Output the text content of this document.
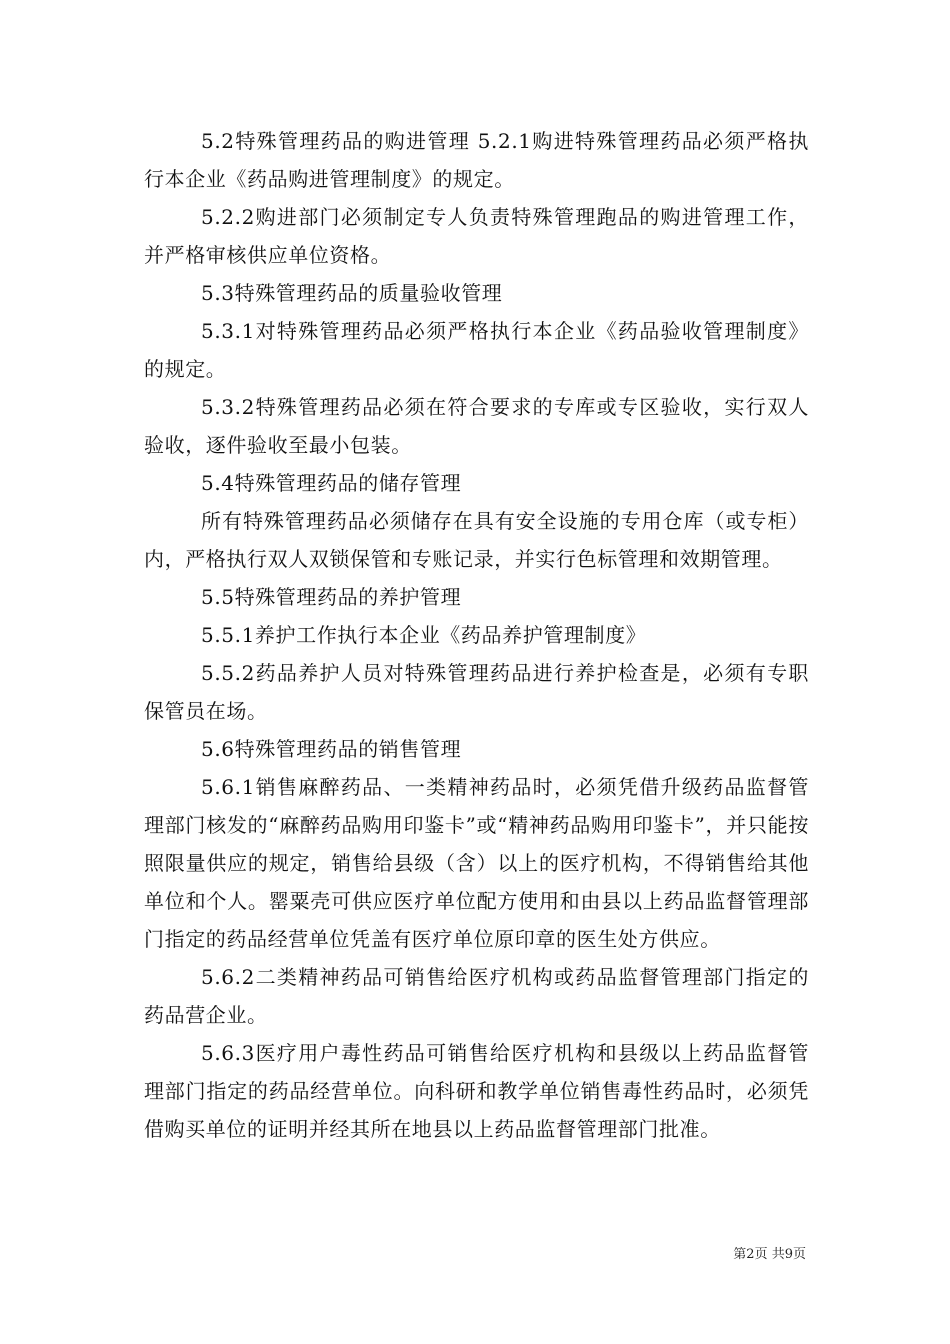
5.2特殊管理药品的购进管理 5.2.1购进特殊管理药品必须严格执行本企业《药品购进管理制度》的规定。

5.2.2购进部门必须制定专人负责特殊管理跑品的购进管理工作，并严格审核供应单位资格。

5.3特殊管理药品的质量验收管理

5.3.1对特殊管理药品必须严格执行本企业《药品验收管理制度》的规定。

5.3.2特殊管理药品必须在符合要求的专库或专区验收，实行双人验收，逐件验收至最小包装。

5.4特殊管理药品的储存管理

所有特殊管理药品必须储存在具有安全设施的专用仓库（或专柜）内，严格执行双人双锁保管和专账记录，并实行色标管理和效期管理。

5.5特殊管理药品的养护管理

5.5.1养护工作执行本企业《药品养护管理制度》

5.5.2药品养护人员对特殊管理药品进行养护检查是，必须有专职保管员在场。

5.6特殊管理药品的销售管理

5.6.1销售麻醉药品、一类精神药品时，必须凭借升级药品监督管理部门核发的“麻醉药品购用印鉴卡”或“精神药品购用印鉴卡”，并只能按照限量供应的规定，销售给县级（含）以上的医疗机构，不得销售给其他单位和个人。罂粟壳可供应医疗单位配方使用和由县以上药品监督管理部门指定的药品经营单位凭盖有医疗单位原印章的医生处方供应。

5.6.2二类精神药品可销售给医疗机构或药品监督管理部门指定的药品营企业。

5.6.3医疗用户毒性药品可销售给医疗机构和县级以上药品监督管理部门指定的药品经营单位。向科研和教学单位销售毒性药品时，必须凭借购买单位的证明并经其所在地县以上药品监督管理部门批准。

第2页 共9页
